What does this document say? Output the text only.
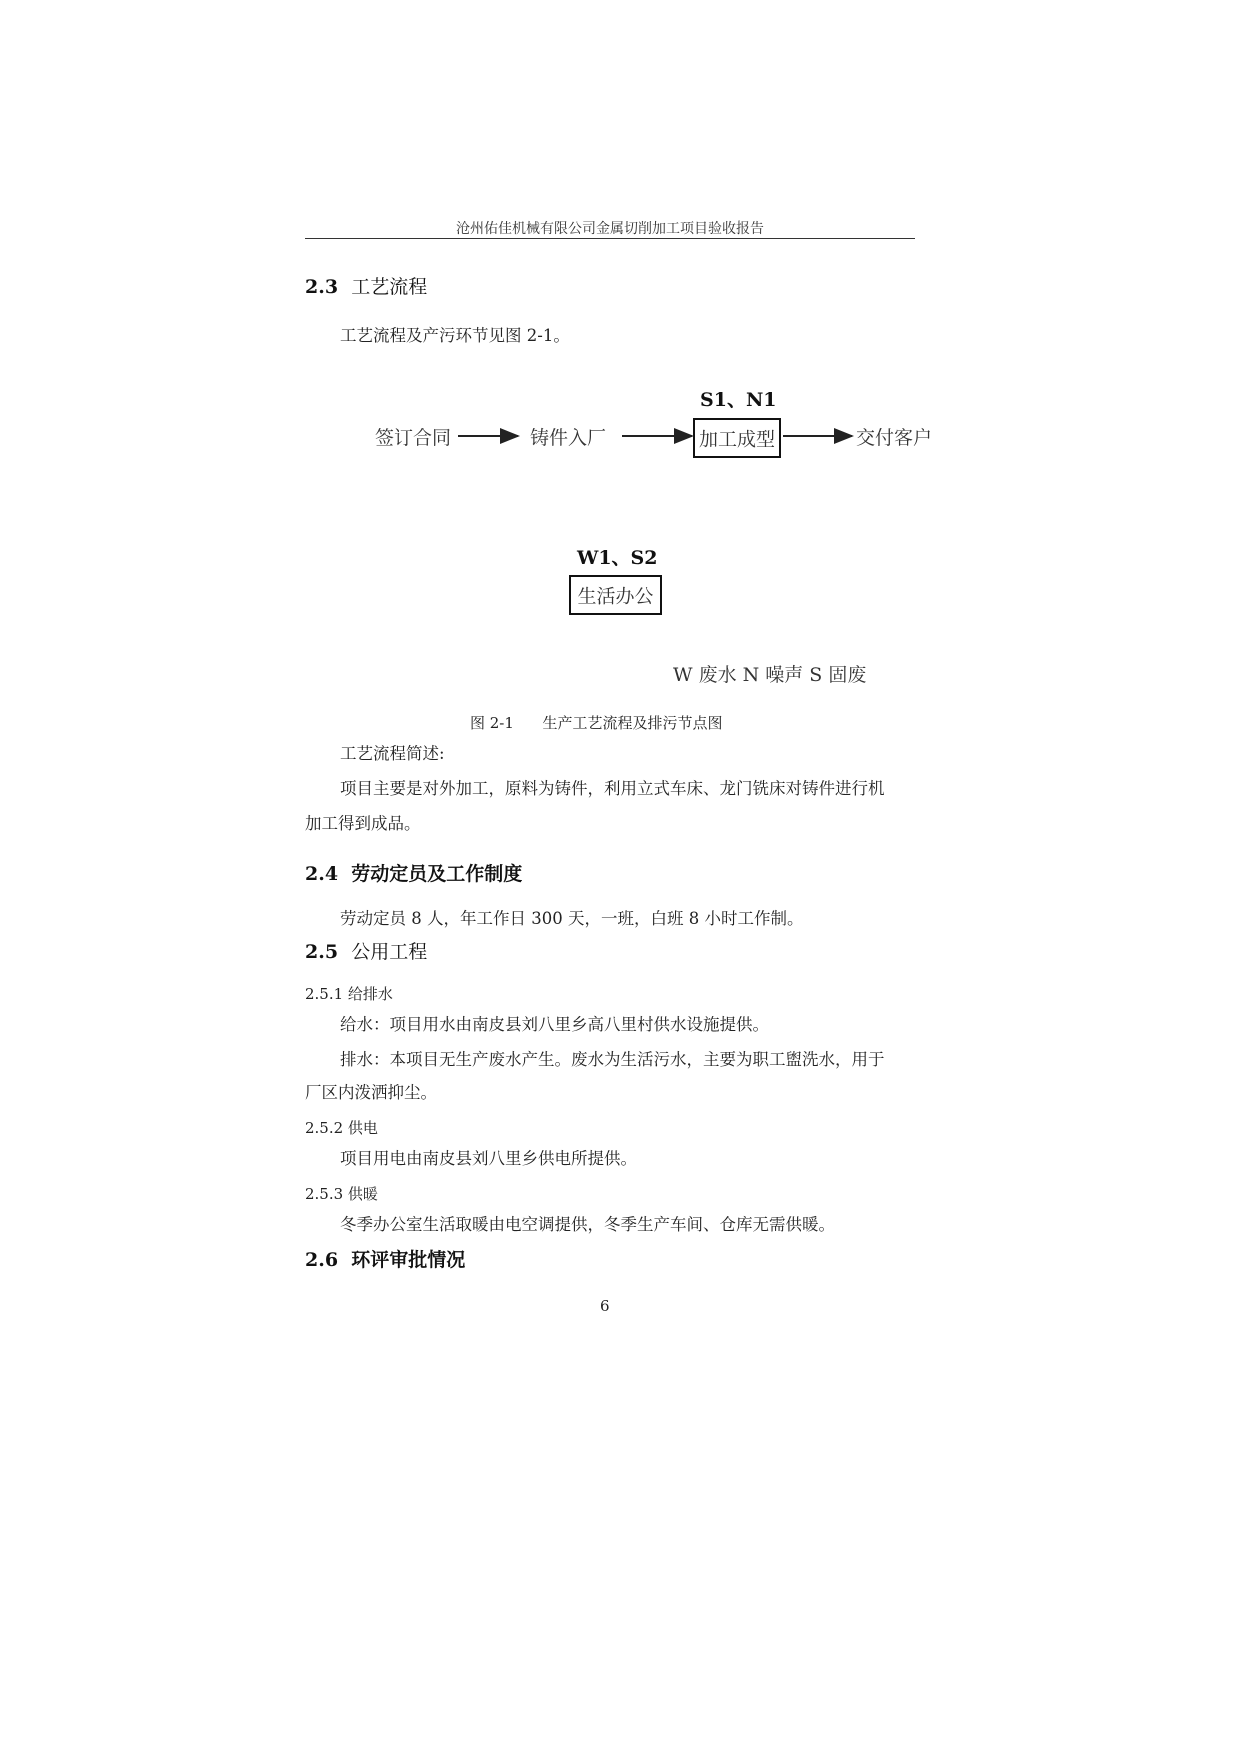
沧州佑佳机械有限公司金属切削加工项目验收报告
2.3 工艺流程
工艺流程及产污环节见图 2-1。
S1、N1
签订合同	铸件入厂	加工成型	交付客户
W1、S2
生活办公
W 废水 N 噪声 S 固废
图 2-1 生产工艺流程及排污节点图
工艺流程简述:
项目主要是对外加工，原料为铸件，利用立式车床、龙门铣床对铸件进行机
加工得到成品。
2.4 劳动定员及工作制度
劳动定员 8 人，年工作日 300 天，一班，白班 8 小时工作制。
2.5 公用工程
2.5.1 给排水
给水：项目用水由南皮县刘八里乡高八里村供水设施提供。
排水：本项目无生产废水产生。废水为生活污水，主要为职工盥洗水，用于
厂区内泼洒抑尘。
2.5.2 供电
项目用电由南皮县刘八里乡供电所提供。
2.5.3 供暖
冬季办公室生活取暖由电空调提供，冬季生产车间、仓库无需供暖。
2.6 环评审批情况
6
